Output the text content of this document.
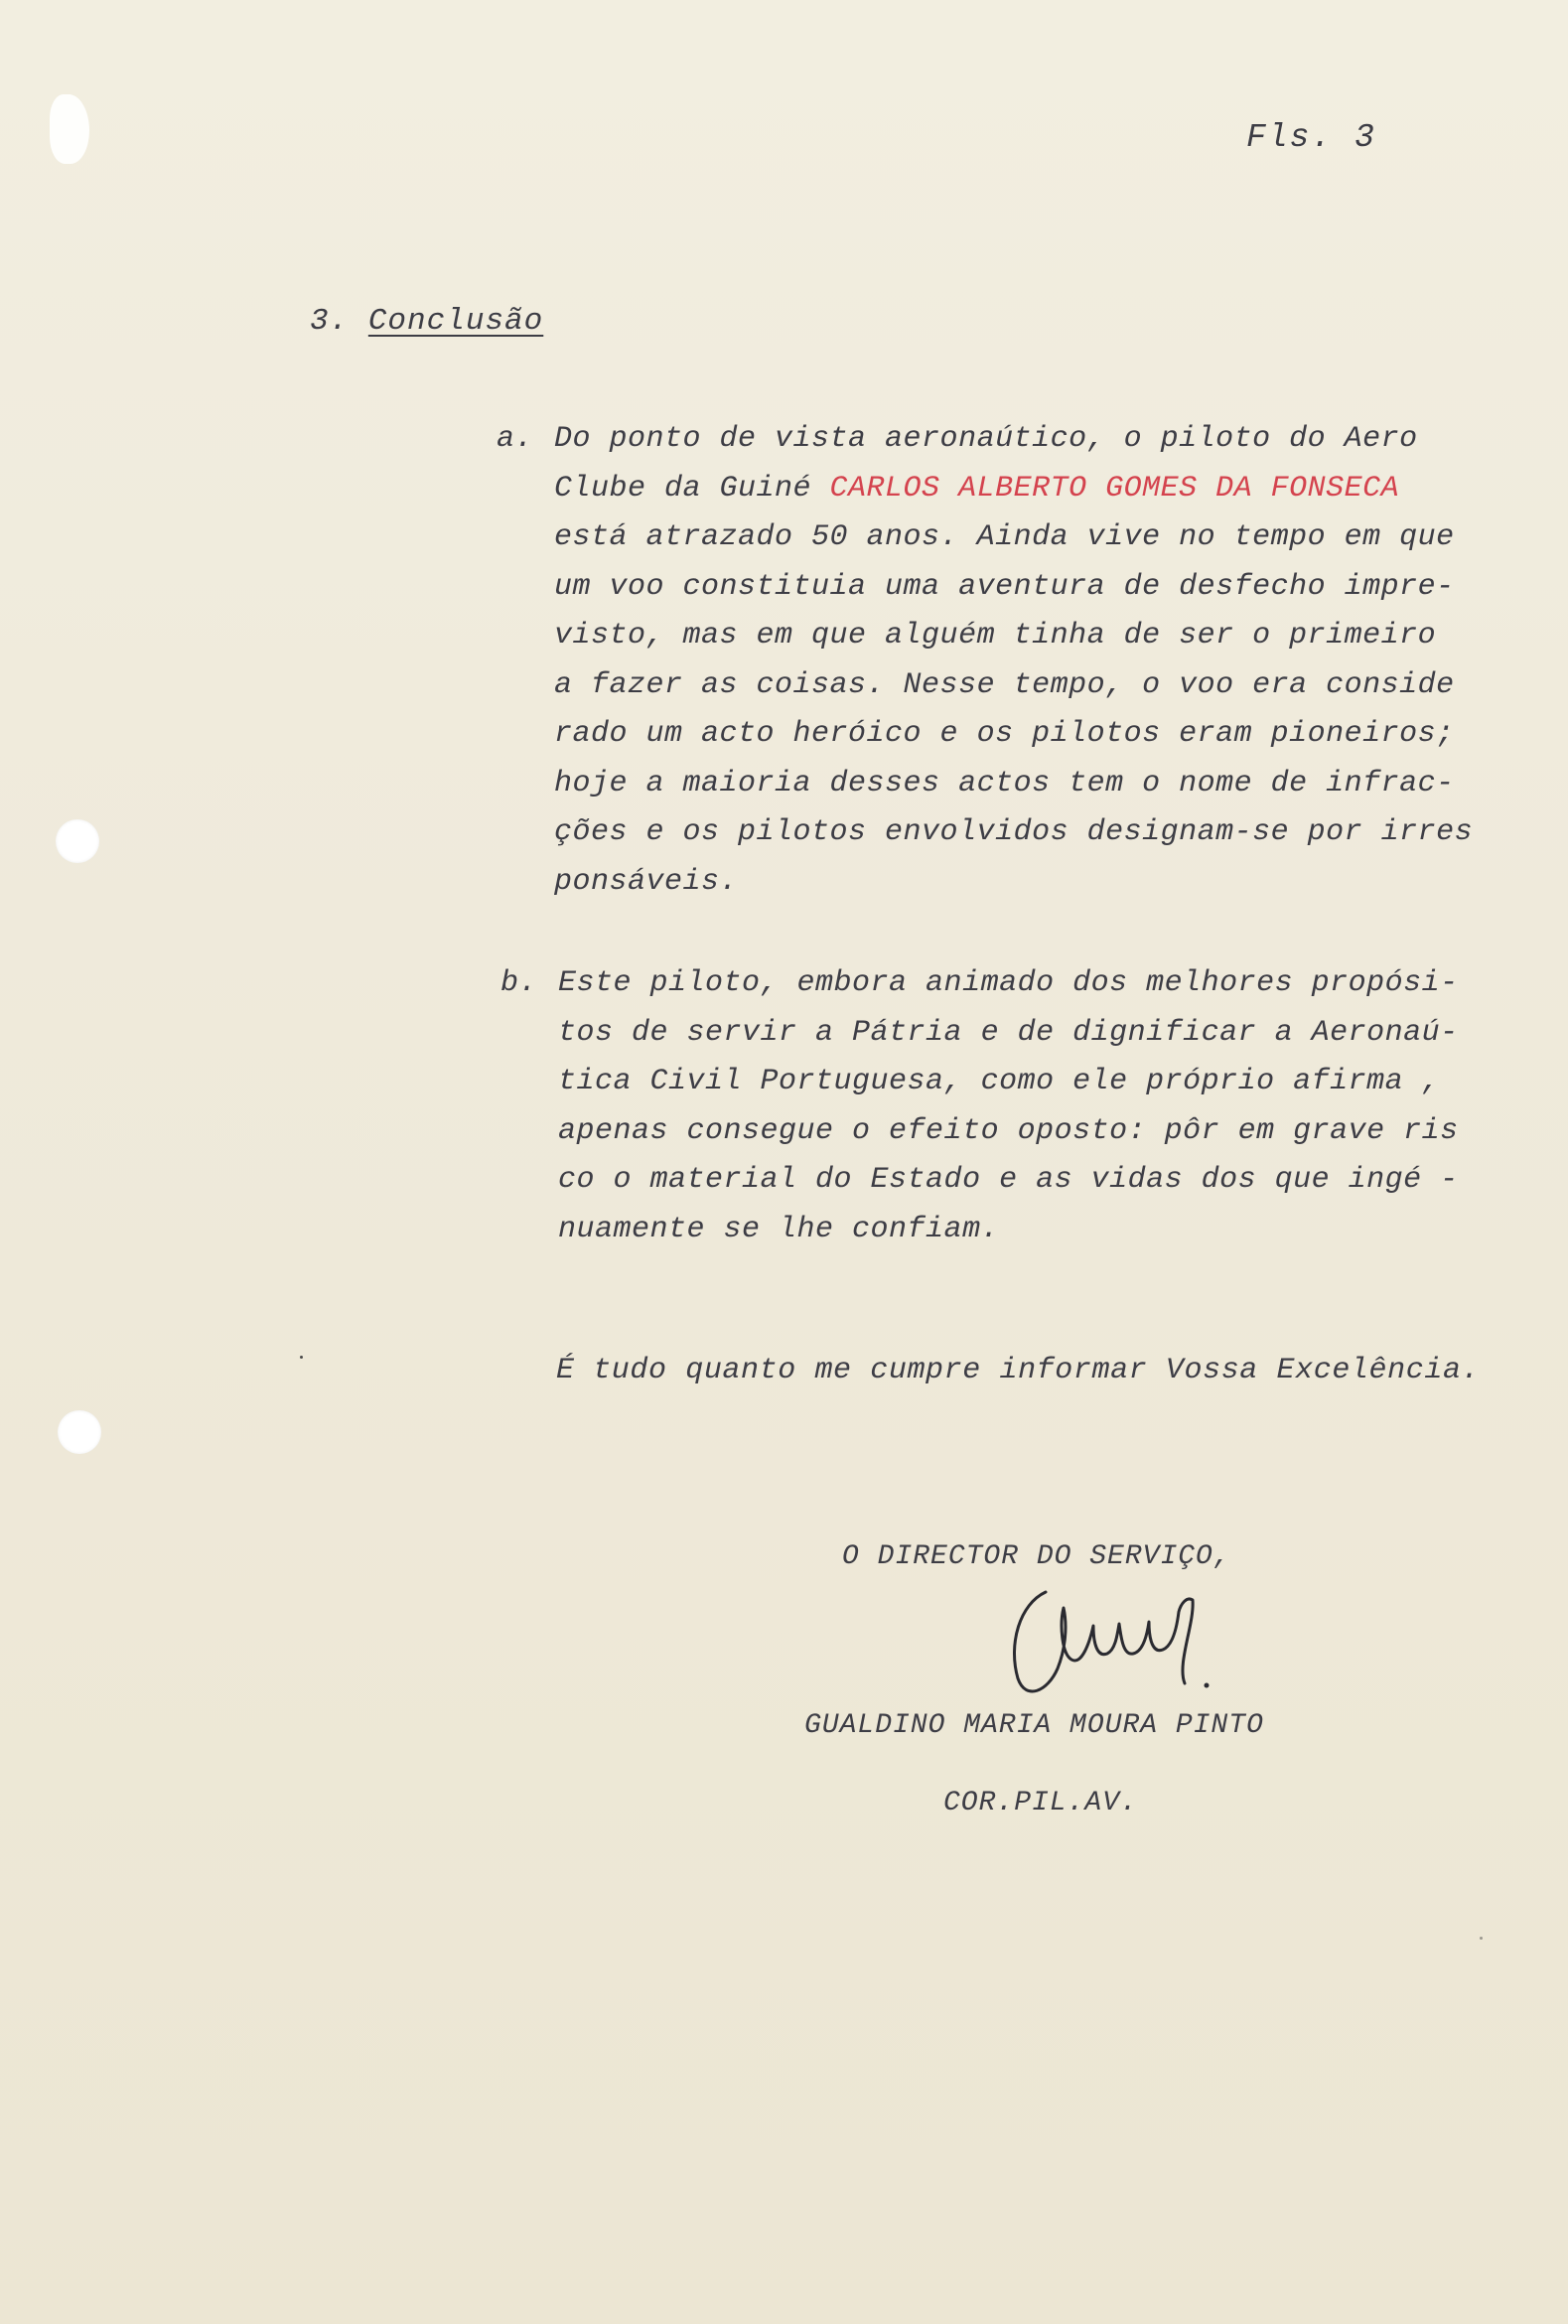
Fls. 3
3. Conclusão
a. Do ponto de vista aeronaútico, o piloto do Aero
Clube da Guiné CARLOS ALBERTO GOMES DA FONSECA
está atrazado 50 anos. Ainda vive no tempo em que
um voo constituia uma aventura de desfecho impre-
visto, mas em que alguém tinha de ser o primeiro
a fazer as coisas. Nesse tempo, o voo era conside
rado um acto heróico e os pilotos eram pioneiros;
hoje a maioria desses actos tem o nome de infrac-
ções e os pilotos envolvidos designam-se por irres
ponsáveis.
b. Este piloto, embora animado dos melhores propósi-
tos de servir a Pátria e de dignificar a Aeronaú-
tica Civil Portuguesa, como ele próprio afirma ,
apenas consegue o efeito oposto: pôr em grave ris
co o material do Estado e as vidas dos que ingé -
nuamente se lhe confiam.
É tudo quanto me cumpre informar Vossa Excelência.
O DIRECTOR DO SERVIÇO,
GUALDINO MARIA MOURA PINTO
COR.PIL.AV.
